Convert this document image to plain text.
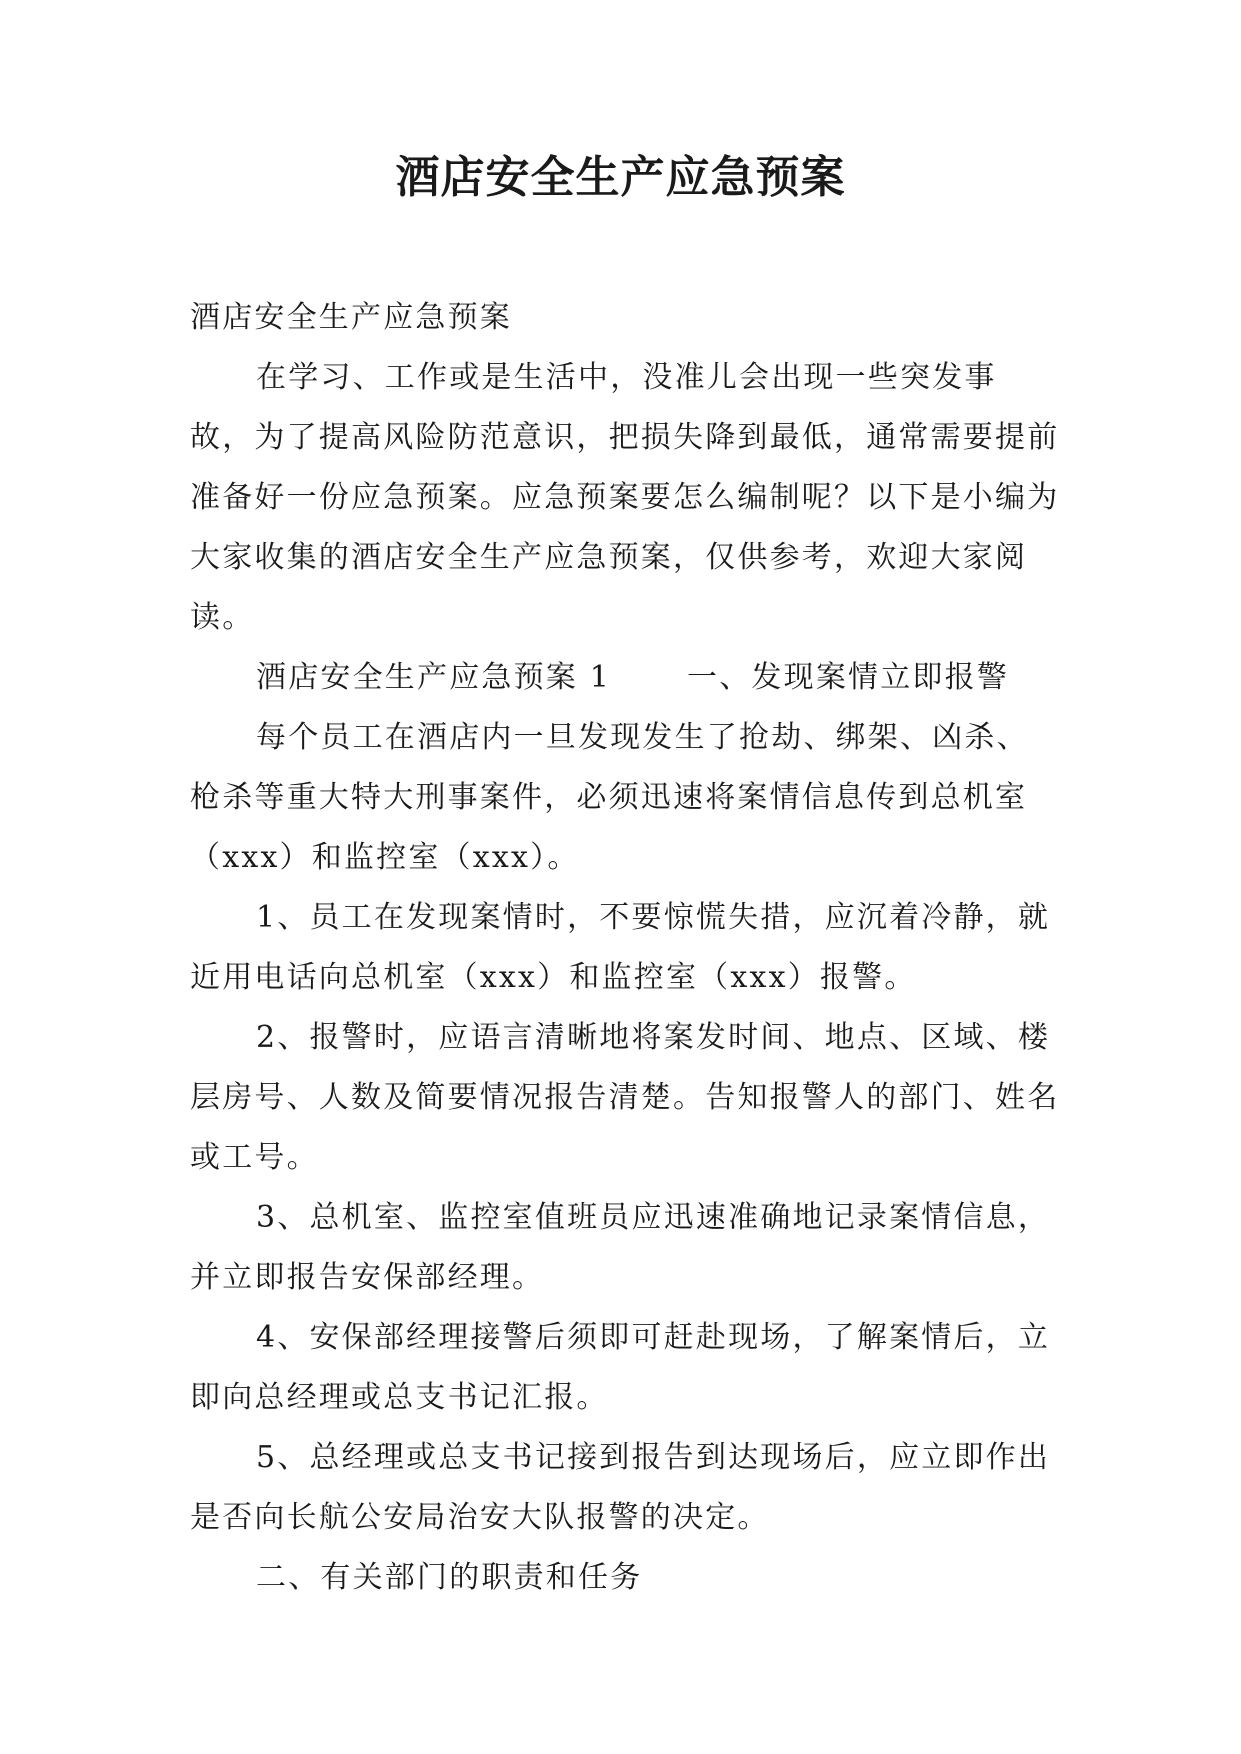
酒店安全生产应急预案

酒店安全生产应急预案

在学习、工作或是生活中，没准儿会出现一些突发事故，为了提高风险防范意识，把损失降到最低，通常需要提前准备好一份应急预案。应急预案要怎么编制呢？以下是小编为大家收集的酒店安全生产应急预案，仅供参考，欢迎大家阅读。

酒店安全生产应急预案 1	一、发现案情立即报警

每个员工在酒店内一旦发现发生了抢劫、绑架、凶杀、枪杀等重大特大刑事案件，必须迅速将案情信息传到总机室（xxx）和监控室（xxx）。

1、员工在发现案情时，不要惊慌失措，应沉着冷静，就近用电话向总机室（xxx）和监控室（xxx）报警。

2、报警时，应语言清晰地将案发时间、地点、区域、楼层房号、人数及简要情况报告清楚。告知报警人的部门、姓名或工号。

3、总机室、监控室值班员应迅速准确地记录案情信息，并立即报告安保部经理。

4、安保部经理接警后须即可赶赴现场，了解案情后，立即向总经理或总支书记汇报。

5、总经理或总支书记接到报告到达现场后，应立即作出是否向长航公安局治安大队报警的决定。

二、有关部门的职责和任务
